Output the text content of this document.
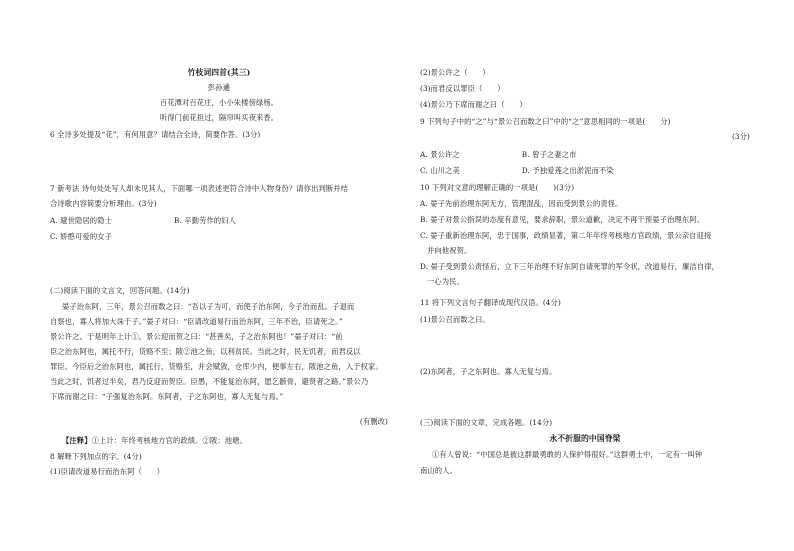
竹枝词四首(其三)
彭孙遹
百花潭对百花庄，小小朱楼傍绿杨。
听得门前花担过，隔帘叫买夜来香。
6 全诗多处提及“花”，有何用意？请结合全诗，简要作答。(3分)
7 新考法 诗句处处写人却未见其人，下面哪一项表述更符合诗中人物身份？请你出判断并结
合诗歌内容简要分析理由。(3分)
A. 避世隐居的隐士	B. 辛勤劳作的妇人
C. 娇憨可爱的女子
(二)阅读下面的文言文，回答问题。(14分)
晏子治东阿，三年，景公召而数之曰：“吾以子为可，而使子治东阿，今子治而乱。子退而
自察也，寡人将加大诛于子。”晏子对曰：“臣请改道易行而治东阿，三年不治，臣请死之。”
景公许之。于是明年上计①，景公迎而贺之曰：“甚善矣，子之治东阿也！”晏子对曰：“前
臣之治东阿也，属托不行，货赂不至；陂②池之鱼，以利贫民。当此之时，民无饥者，而君反以
罪臣。今臣后之治东阿也，属托行，货赂至，并会赋敛，仓库少内，便事左右，陂池之鱼，入于权家。
当此之时，饥者过半矣，君乃反迎而贺臣。臣愚，不能复治东阿，愿乞骸骨，避贤者之路。”景公乃
下席而谢之曰：“子强复治东阿。东阿者，子之东阿也，寡人无复与焉。”
(有删改)
【注释】①上计：年终考核地方官的政绩。②陂：池塘。
8 解释下列加点的字。(4分)
(1)臣请改道易行而治东阿（　　）
(2)景公许之（　　）
(3)而君反以罪臣（　　）
(4)景公乃下席而谢之曰（　　）
9 下列句子中的“之”与“景公召而数之曰”中的“之”意思相同的一项是(　　分)
(3分)
A. 景公许之	B. 曾子之妻之市
C. 山川之美	D. 予独爱莲之出淤泥而不染
10 下列对文意的理解正确的一项是(　　)(3分)
A. 晏子先前治理东阿无方，管理混乱，因而受到景公的责怪。
B. 晏子对景公指误的态度有意见，要求辞职，景公道歉，决定不再干预晏子治理东阿。
C. 晏子重新治理东阿，忠于国事，政绩显著，第二年年终考核地方官政绩，景公亲自迎接
并向他祝贺。
D. 晏子受到景公责怪后，立下三年治理不好东阿自请死罪的军令状，改道易行，廉洁自律，
一心为民。
11 将下列文言句子翻译成现代汉语。(4分)
(1)景公召而数之曰。
(2)东阿者，子之东阿也。寡人无复与焉。
(三)阅读下面的文章，完成各题。(14分)
永不折服的中国脊梁
①有人曾说：“中国总是被这群最勇敢的人保护得很好。”这群勇士中，一定有一叫钟
南山的人。
